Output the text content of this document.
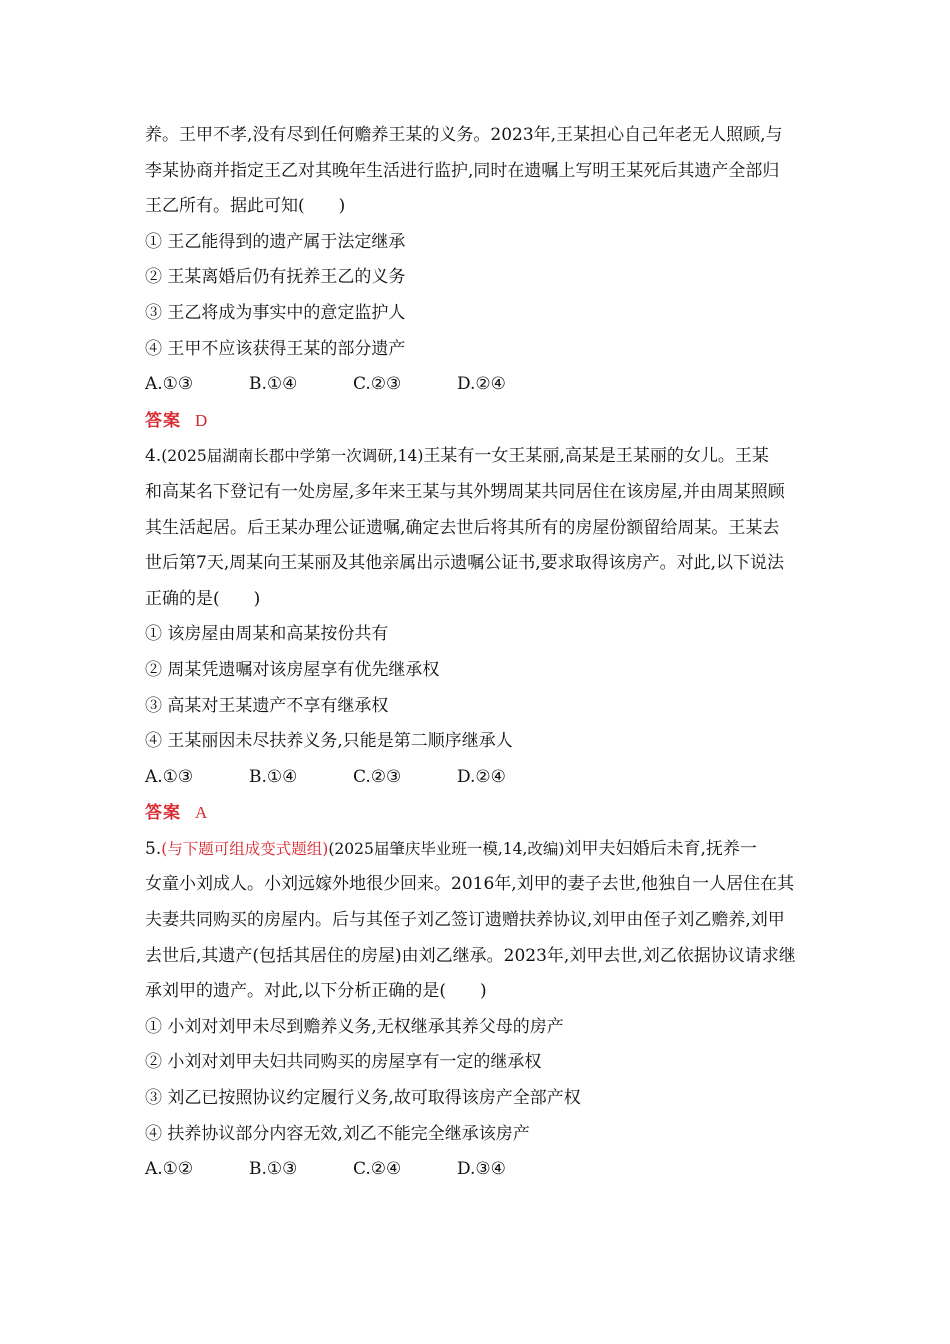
养。王甲不孝,没有尽到任何赡养王某的义务。2023年,王某担心自己年老无人照顾,与
李某协商并指定王乙对其晚年生活进行监护,同时在遗嘱上写明王某死后其遗产全部归
王乙所有。据此可知(　　)
① 王乙能得到的遗产属于法定继承
② 王某离婚后仍有抚养王乙的义务
③ 王乙将成为事实中的意定监护人
④ 王甲不应该获得王某的部分遗产
A.①③	B.①④	C.②③	D.②④
答案 D
4.(2025届湖南长郡中学第一次调研,14)王某有一女王某丽,高某是王某丽的女儿。王某
和高某名下登记有一处房屋,多年来王某与其外甥周某共同居住在该房屋,并由周某照顾
其生活起居。后王某办理公证遗嘱,确定去世后将其所有的房屋份额留给周某。王某去
世后第7天,周某向王某丽及其他亲属出示遗嘱公证书,要求取得该房产。对此,以下说法
正确的是(　　)
① 该房屋由周某和高某按份共有
② 周某凭遗嘱对该房屋享有优先继承权
③ 高某对王某遗产不享有继承权
④ 王某丽因未尽扶养义务,只能是第二顺序继承人
A.①③	B.①④	C.②③	D.②④
答案 A
5.(与下题可组成变式题组)(2025届肇庆毕业班一模,14,改编)刘甲夫妇婚后未育,抚养一
女童小刘成人。小刘远嫁外地很少回来。2016年,刘甲的妻子去世,他独自一人居住在其
夫妻共同购买的房屋内。后与其侄子刘乙签订遗赠扶养协议,刘甲由侄子刘乙赡养,刘甲
去世后,其遗产(包括其居住的房屋)由刘乙继承。2023年,刘甲去世,刘乙依据协议请求继
承刘甲的遗产。对此,以下分析正确的是(　　)
① 小刘对刘甲未尽到赡养义务,无权继承其养父母的房产
② 小刘对刘甲夫妇共同购买的房屋享有一定的继承权
③ 刘乙已按照协议约定履行义务,故可取得该房产全部产权
④ 扶养协议部分内容无效,刘乙不能完全继承该房产
A.①②	B.①③	C.②④	D.③④
